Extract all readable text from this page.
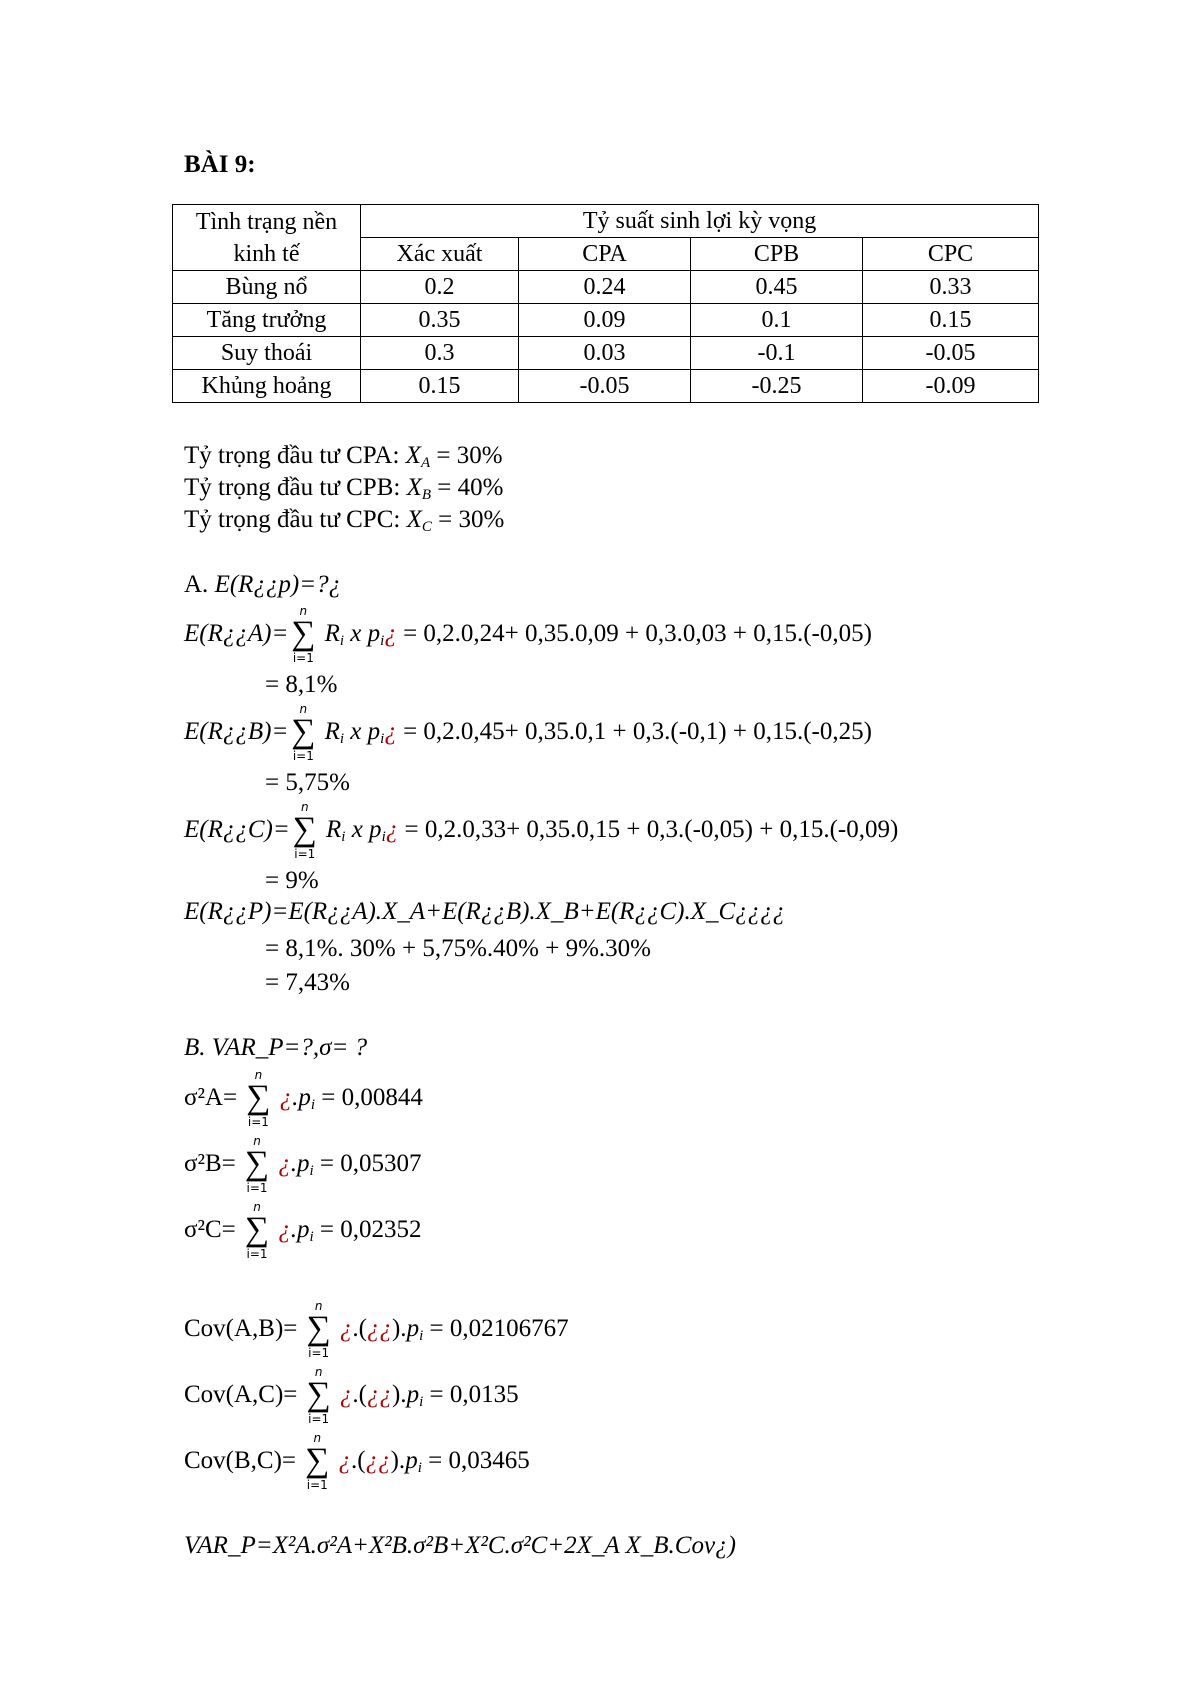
BÀI 9:
Tình trạng nền kinh tế	Tỷ suất sinh lợi kỳ vọng			
	Xác xuất	CPA	CPB	CPC
Bùng nổ	0.2	0.24	0.45	0.33
Tăng trưởng	0.35	0.09	0.1	0.15
Suy thoái	0.3	0.03	-0.1	-0.05
Khủng hoảng	0.15	-0.05	-0.25	-0.09
Tỷ trọng đầu tư CPA: $X_A = 30\%$
Tỷ trọng đầu tư CPB: $X_B = 40\%$
Tỷ trọng đầu tư CPC: $X_C = 30\%$
A. E(R¿¿p)=?¿
E(R¿¿A)=∑
n
i=1
$R_i$ x $p_i¿ = 0,2.0,24+ 0,35.0,09 + 0,3.0,03 + 0,15.(-0,05)$
= 8,1%
E(R¿¿B)=∑
n
i=1
$R_i$ x $p_i¿ = 0,2.0,45+ 0,35.0,1 + 0,3.(-0,1) + 0,15.(-0,25)$
= 5,75%
E(R¿¿C)=∑
n
i=1
$R_i$ x $p_i¿ = 0,2.0,33+ 0,35.0,15 + 0,3.(-0,05) + 0,15.(-0,09)$
= 9%
E(R¿¿P)=E(R¿¿A).X_A+E(R¿¿B).X_B+E(R¿¿C).X_C¿¿¿¿
= 8,1%. 30% + 5,75%.40% + 9%.30%
= 7,43%
B. VAR_P=?,σ= ?
σ²A= ∑
n
i=1
¿$.p_i = 0,00844$
σ²B= ∑
n
i=1
¿$.p_i = 0,05307$
σ²C= ∑
n
i=1
¿$.p_i = 0,02352$
Cov(A,B)= ∑
n
i=1
¿$.(¿¿).p_i = 0,02106767$
Cov(A,C)= ∑
n
i=1
¿$.(¿¿).p_i = 0,0135$
Cov(B,C)= ∑
n
i=1
¿$.(¿¿).p_i = 0,03465$
VAR_P=X²A.σ²A+X²B.σ²B+X²C.σ²C+2X_A X_B.Cov¿)
